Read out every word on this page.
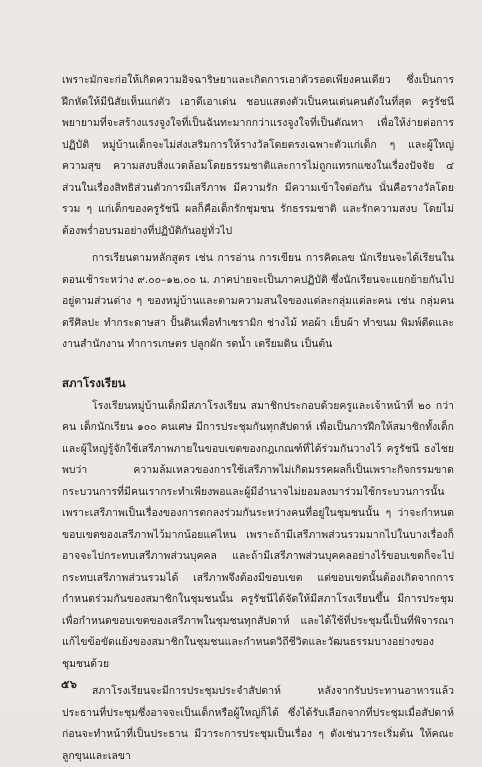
เพราะมักจะก่อให้เกิดความอิจฉาริษยาและเกิดการเอาตัวรอดเพียงคนเดียว ซึ่งเป็นการฝึกหัดให้มีนิสัยเห็นแก่ตัว เอาดีเอาเด่น ชอบแสดงตัวเป็นคนเด่นคนดังในที่สุด ครูรัชนีพยายามที่จะสร้างแรงจูงใจที่เป็นฉันทะมากกว่าแรงจูงใจที่เป็นตัณหา เพื่อให้ง่ายต่อการปฏิบัติ หมู่บ้านเด็กจะไม่ส่งเสริมการให้รางวัลโดยตรงเฉพาะตัวแก่เด็ก ๆ และผู้ใหญ่ ความสุข ความสงบสิ่งแวดล้อมโดยธรรมชาติและการไม่ถูกแทรกแซงในเรื่องปัจจัย ๔ ส่วนในเรื่องสิทธิส่วนตัวการมีเสรีภาพ มีความรัก มีความเข้าใจต่อกัน นั่นคือรางวัลโดยรวม ๆ แก่เด็กของครูรัชนี ผลก็คือเด็กรักชุมชน รักธรรมชาติ และรักความสงบ โดยไม่ต้องพร่ำอบรมอย่างที่ปฏิบัติกันอยู่ทั่วไป

การเรียนตามหลักสูตร เช่น การอ่าน การเขียน การคิดเลข นักเรียนจะได้เรียนในตอนเช้าระหว่าง ๙.๐๐–๑๒.๐๐ น. ภาคบ่ายจะเป็นภาคปฏิบัติ ซึ่งนักเรียนจะแยกย้ายกันไปอยู่ตามส่วนต่าง ๆ ของหมู่บ้านและตามความสนใจของแต่ละกลุ่มแต่ละคน เช่น กลุ่มคนตรีศิลปะ ทำกระดาษสา ปั้นดินเพื่อทำเซรามิก ช่างไม้ ทอผ้า เย็บผ้า ทำขนม พิมพ์ดีดและงานสำนักงาน ทำการเกษตร ปลูกผัก รดน้ำ เตรียมดิน เป็นต้น

สภาโรงเรียน

โรงเรียนหมู่บ้านเด็กมีสภาโรงเรียน สมาชิกประกอบด้วยครูและเจ้าหน้าที่ ๒๐ กว่าคน เด็กนักเรียน ๑๐๐ คนเศษ มีการประชุมกันทุกสัปดาห์ เพื่อเป็นการฝึกให้สมาชิกทั้งเด็กและผู้ใหญ่รู้จักใช้เสรีภาพภายในขอบเขตของกฎเกณฑ์ที่ได้ร่วมกันวางไว้ ครูรัชนี ธงไชยพบว่า ความล้มเหลวของการใช้เสรีภาพไม่เกิดมรรคผลก็เป็นเพราะกิจกรรมขาดกระบวนการที่มีคนเรากระทำเพียงพอและผู้มีอำนาจไม่ยอมลงมาร่วมใช้กระบวนการนั้น เพราะเสรีภาพเป็นเรื่องของการตกลงร่วมกันระหว่างคนที่อยู่ในชุมชนนั้น ๆ ว่าจะกำหนดขอบเขตของเสรีภาพไว้มากน้อยแค่ไหน เพราะถ้ามีเสรีภาพส่วนรวมมากไปในบางเรื่องก็อาจจะไปกระทบเสรีภาพส่วนบุคคล และถ้ามีเสรีภาพส่วนบุคคลอย่างไร้ขอบเขตก็จะไปกระทบเสรีภาพส่วนรวมได้ เสรีภาพจึงต้องมีขอบเขต แต่ขอบเขตนั้นต้องเกิดจากการกำหนดร่วมกันของสมาชิกในชุมชนนั้น ครูรัชนีได้จัดให้มีสภาโรงเรียนขึ้น มีการประชุมเพื่อกำหนดขอบเขตของเสรีภาพในชุมชนทุกสัปดาห์ และได้ใช้ที่ประชุมนี้เป็นที่พิจารณาแก้ไขข้อขัดแย้งของสมาชิกในชุมชนและกำหนดวิถีชีวิตและวัฒนธรรมบางอย่างของชุมชนด้วย

สภาโรงเรียนจะมีการประชุมประจำสัปดาห์ หลังจากรับประทานอาหารแล้ว ประธานที่ประชุมซึ่งอาจจะเป็นเด็กหรือผู้ใหญ่ก็ได้ ซึ่งได้รับเลือกจากที่ประชุมเมื่อสัปดาห์ก่อนจะทำหน้าที่เป็นประธาน มีวาระการประชุมเป็นเรื่อง ๆ ดังเช่นวาระเริ่มต้น ให้คณะลูกขุนและเลขา

๕๖
